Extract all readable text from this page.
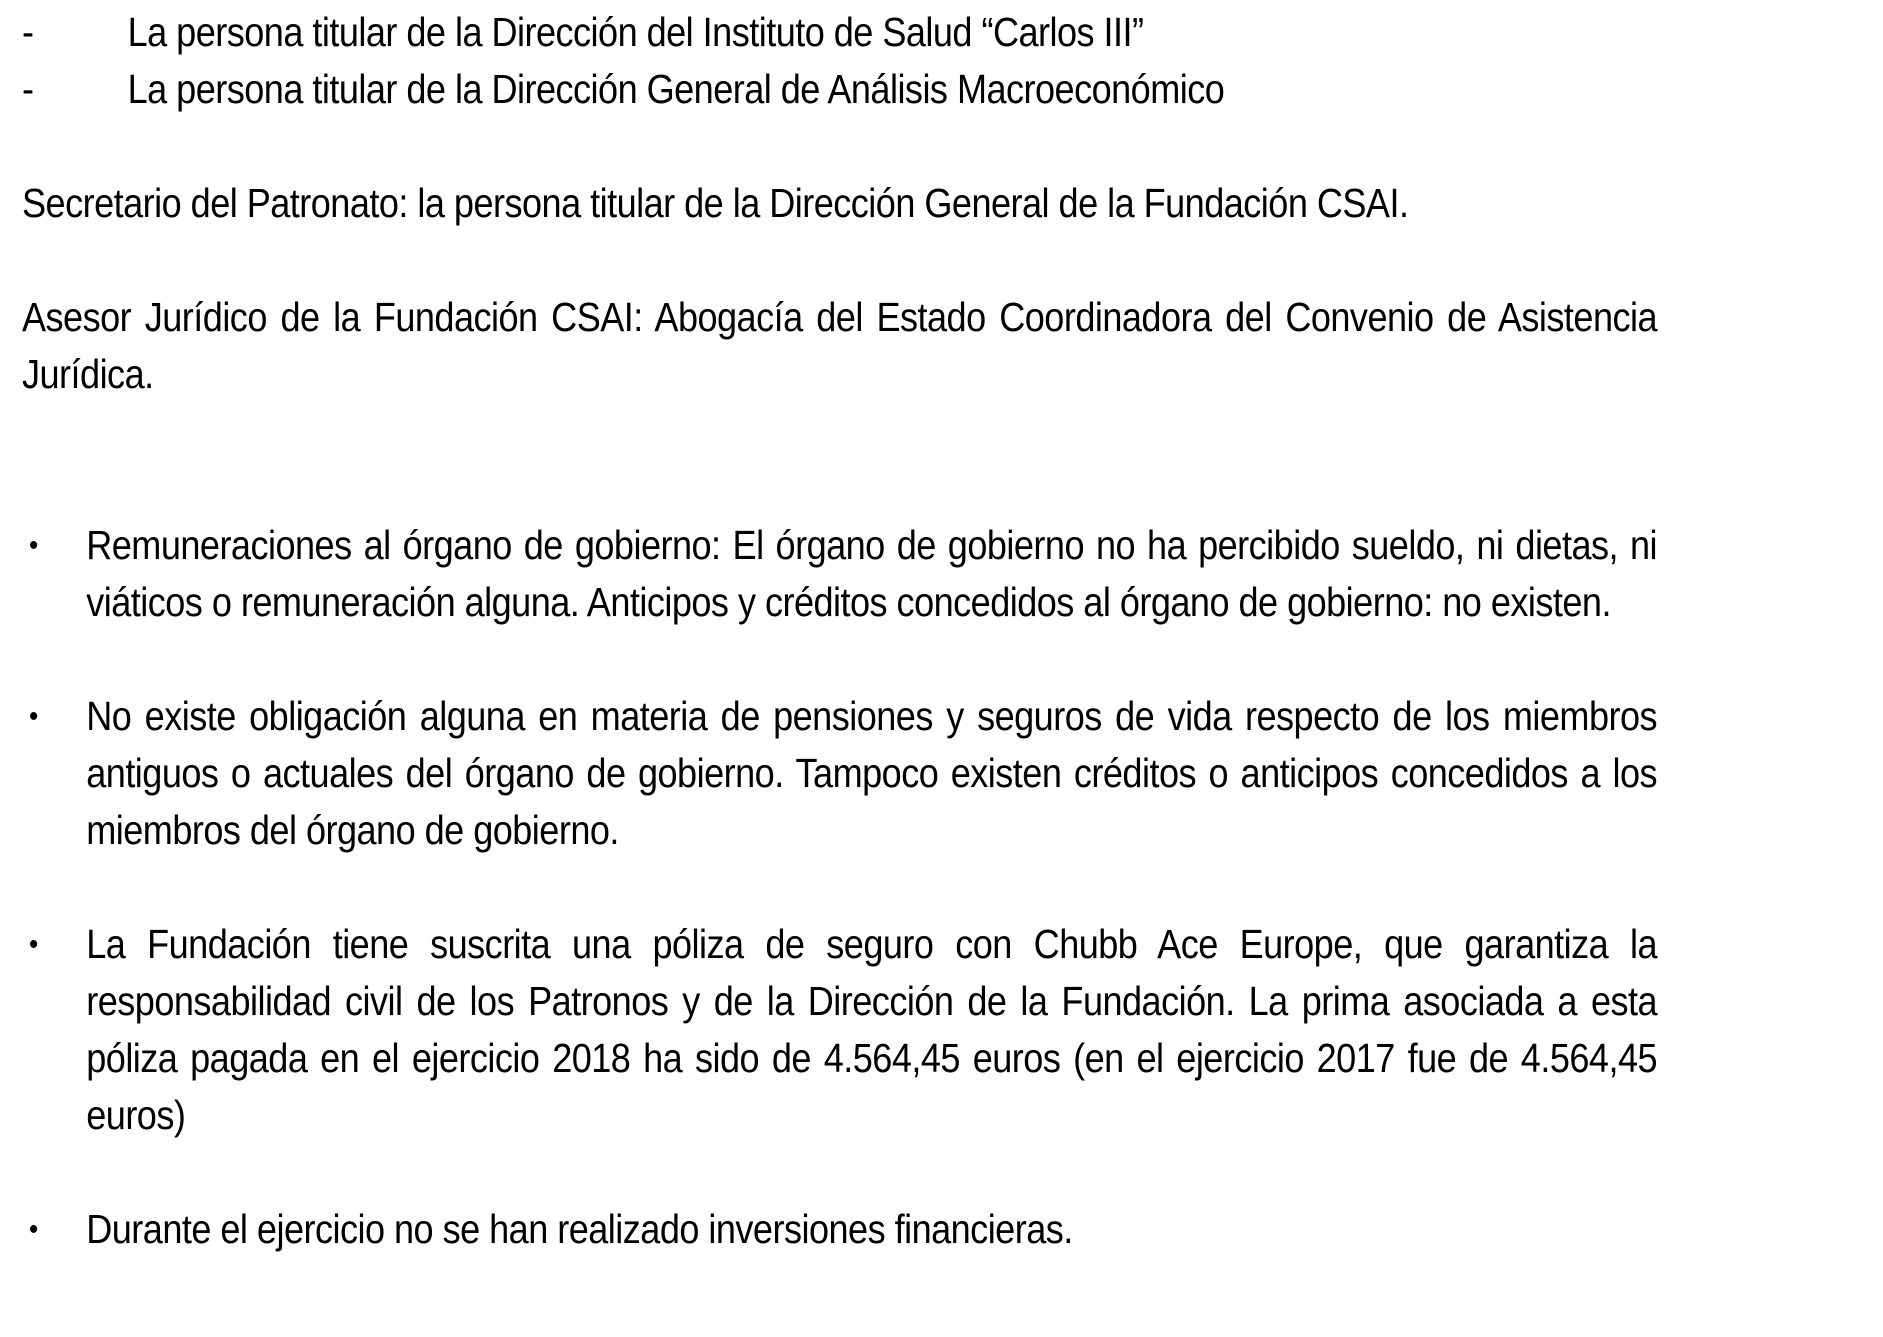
- La persona titular de la Dirección del Instituto de Salud “Carlos III”
- La persona titular de la Dirección General de Análisis Macroeconómico

Secretario del Patronato: la persona titular de la Dirección General de la Fundación CSAI.

Asesor Jurídico de la Fundación CSAI: Abogacía del Estado Coordinadora del Convenio de Asistencia Jurídica.

• Remuneraciones al órgano de gobierno: El órgano de gobierno no ha percibido sueldo, ni dietas, ni viáticos o remuneración alguna. Anticipos y créditos concedidos al órgano de gobierno: no existen.
• No existe obligación alguna en materia de pensiones y seguros de vida respecto de los miembros antiguos o actuales del órgano de gobierno. Tampoco existen créditos o anticipos concedidos a los miembros del órgano de gobierno.
• La Fundación tiene suscrita una póliza de seguro con Chubb Ace Europe, que garantiza la responsabilidad civil de los Patronos y de la Dirección de la Fundación. La prima asociada a esta póliza pagada en el ejercicio 2018 ha sido de 4.564,45 euros (en el ejercicio 2017 fue de 4.564,45 euros)
• Durante el ejercicio no se han realizado inversiones financieras.
